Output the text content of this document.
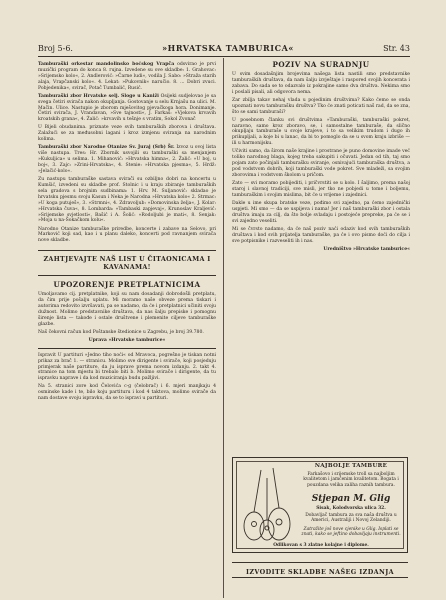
Broj 5-6.	»HRVATSKA TAMBURICA«	Str. 43

Tamburaški orkestar mandolinsko boćskog Vrapča odsvirao je prvi muzički program do konca 8. rujna. Izvedene su ove skladbe: 1. Grahovac: »Srijemsko kolo«, 2. Andlerović: »Čarne ludi«, vodila J. Sabo: »Straža starih alaja, Vrapčanski kolo«. 4. Lekat: »Pukovnik« naručio. 8. ... Dobri zvuci. Pobjedenika«, svirač, Potač Tumbalić, Rusić.

Tamburaški zbor Hrvatske selj. Sloge u Kaniži Osijeki sudjelovao je sa svega četiri svirača nakon okupljanja. Gostovanje u selu Krnjašu na ulici. M. Mačin. Ulice. Nastupio je zborom mješovitog pjevačkoga hora. Donimanje. Četiri svirača, J. Vrandavan, »Sve tajnosti«, J. Farkaš: »Vjekova krvavih kroatskih grana«, 4. Žalić: »krvavih u tešnje s vratim, Sokol Zvonač

U Bijeli obudanima. priznate veze svih tamburaških zborova i društava. Zalažući se za međusobni lagani i kroz izmjenu sviranja na narodnim kolima.

Tamburaški zbor Narodne Otanize Sv. Juraj (Srb) Šr. Izvoz u ovoj lista više nastupa. Tres: Hr. Zbornik usvojili su tamburaški sa menjanjem »Kukuljica« u selima. 1. Mihanović: »Hrvatska himna«, 2. Žalić: »U boj, u boj«, 3. Zajc: »Zrini-Hrvatska«, 4. Stenie: »Hrvatska pjesma«, 5. Hrdž: »Jelačić-kolo«.

Zu nastupu tamburaške sastava svirači su ozbiljno dobri na koncertu u Kumšić, izvedeni su skladbe prof. Stolnic i u kraju zbiranje tamburaških sela gradova s brojnim sudbinama: 1. Hrv. M. Suljanović: skladao je hrvatsku pjesmu svoju Kasun i Neka je Narodna »Hrvatska kolo« 2. Strmac: »U koga putuješ«, 3. »Strmni«, 4. Zdravoljub: »Domovinska želja«, J. Kolar: »Hrvatska čuva«, 8. Lombarda: »Tambaski zapjevaj«, Krunoslav Kraljević: »Srijemske svjetlosti«, Bašić i A. Šolić: »Rodoljubi je mati«, 8. Senjak: »Moja u na-Šokačkom kolu«.

Narodno Otanize tamburaške priredbe, koncerte i zabave na Selovo, pri Marković koji sad, kao i u planu daleko, koncerti pod ravnanjem svirača nove skladbe.

ZAHTJEVAJTE NAŠ LIST U ČITAONICAMA I KAVANAMA!
UPOZORENJE PRETPLATNICIMA

Umoljavamo cij. pretplatnike, koji su nam dosadanji dobrodošli pretplatu, da čim prije pošalju uplatu. Mi moramo naše obveze prema tiskari i autorima redovito izvršavati, pa se nadamo, da će i pretplatnici učiniti svoju dužnost. Molimo predstavnike društava, da nas šalju prepiske i pomognu širenje lista — takođe i ostale društvene i plemenite ciljeve tamburaške glazbe.

Naš čekovni račun kod Poštanske štedionice u Zagrebu, je broj 39.780.

Uprava »Hrvatske tamburice«

Ispravit U partituri »Jedno tiho noći« od Mravoca, pogrešno je tiskan notni prikaz za brač 1. — stranicu. Molimo sve dirigente i svirače, koji posjeduju primjerak naše partiture, da ju isprave prema novom izdanju. 2. takt 4. stranice na tom mjestu bi trebalo biti b. Molimo svirače i dirigente, da tu ispravku naprave i da kod muziciranja budu pažljivi.

Na 5. stranici zore kod Čelovića c-g (čelobrač) i 6. mjeri manjkaju 4 osminske kade i te, bilo koju partituru i kod 4 taktova, molimo svirače da nam dostave svoju ispravku, da se to ispravi u partituri.

POZIV NA SURADNJU

U svim dosadašnjim brojevima našega lista nastili smo predstavnike tamburaških društava, da nam šalju izvještaje i raspored svojih koncerata i zabava. Do sada se to odazvalo iz pokrajine samo dva društva. Nekima smo i poslali pisali, ali odgovora nema.

Zar zbilja takav nehaj vlada u pojedinim društvima? Kako ćemo se onda upoznati novu tamburašku društva? Tko će znati poticati naš rad, da se zna, što se sami tamburaši?

U posebnom članku svi društvima »Tamburaški, tamburaški pokret, naravno, samo kroz zboravo, se, i samostalne tamburaše, da slično okupljaju tamburaše u svoje krajeve, i to sa velikim trudom i dugo ih prikupljali, a koje bi u lanac, da bi to pomoglo da se u svom kraju izbriše — ili u harmonijsku.

Učiviti samo, da širom naše krajine i prostrane je puno domovine imade već toliko narodnog blaga, kojeg treba sakupiti i očuvati. Jedan od tih, taj smo pojam zato počinjali tamburašku sviranje, osnivajući tamburaška društva, a pod vodstvom dobrih, koji tamburaški vode pokret. Sve mladeži, sa svojim zborovima i vodstvom školom u pričom.

Zato — svi moramo pobijediti, i pričvrstiti se u kolo. I šaljimo, prema našoj staroj i slavnoj tradiciji, sve misli, jer tko ne pobjedi u tome i boljemu, tamburaškim i svojim mislima, bit će u vrijeme i zajednici.

Dakle u ime skupa bratske veze, pođimo svi zajedno, pa ćemo zajednički uspjeti. Mi smo — da se uspijeva i nama! Jer i naš tamburaški zbor i ostala društva imaju za cilj, da što bolje svladaju i postojeće prepreke, pa će se i svi zajedno veseliti.

Mi se čvrsto nadamo, da će naš poziv naći odaziv kod svih tamburaških društava i kod svih prijatelja tamburaške, pa će i ovo pismo doći do cilja i sve potpisnike i razveseliti ih i nas.

Uredništvo »Hrvatske tamburice«

NAJBOLJE TAMBURE
Farkašovo i srijemske troll sa najboljim kvalitetom i jamčenim kvalitetom. Bogata i pouzdana velika zaliha raznih tambura.
Stjepan M. Glig
Sisak, Kolodvorska ulica 32.
Dobavljač tambura za sva naša društva u Americi, Australiji i Novoj Zelandiji.
Zatražite još nove cjenike u Glig. Isplati se znati, kako se jeftino dobavljaju instrumenti.
Odlikovan s 3 zlatne kolajne i diplome.
IZVODITE SKLADBE NAŠEG IZDANJA
